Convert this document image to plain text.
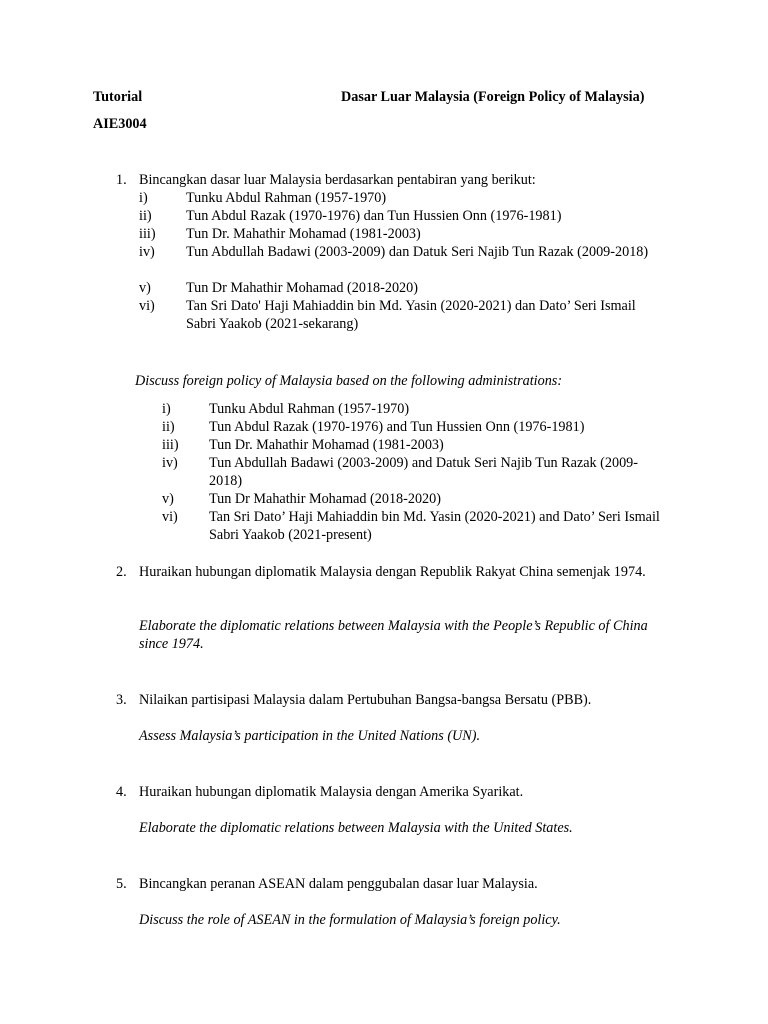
Tutorial	Dasar Luar Malaysia (Foreign Policy of Malaysia)
AIE3004
1. Bincangkan dasar luar Malaysia berdasarkan pentabiran yang berikut:
i)	Tunku Abdul Rahman (1957-1970)
ii) Tun Abdul Razak (1970-1976) dan Tun Hussien Onn (1976-1981)
iii) Tun Dr. Mahathir Mohamad (1981-2003)
iv) Tun Abdullah Badawi (2003-2009) dan Datuk Seri Najib Tun Razak (2009-2018)
v) Tun Dr Mahathir Mohamad (2018-2020)
vi) Tan Sri Dato' Haji Mahiaddin bin Md. Yasin (2020-2021) dan Dato’ Seri Ismail Sabri Yaakob (2021-sekarang)
Discuss foreign policy of Malaysia based on the following administrations:
i)	Tunku Abdul Rahman (1957-1970)
ii) Tun Abdul Razak (1970-1976) and Tun Hussien Onn (1976-1981)
iii) Tun Dr. Mahathir Mohamad (1981-2003)
iv) Tun Abdullah Badawi (2003-2009) and Datuk Seri Najib Tun Razak (2009-2018)
v) Tun Dr Mahathir Mohamad (2018-2020)
vi) Tan Sri Dato’ Haji Mahiaddin bin Md. Yasin (2020-2021) and Dato’ Seri Ismail Sabri Yaakob (2021-present)
2. Huraikan hubungan diplomatik Malaysia dengan Republik Rakyat China semenjak 1974.
Elaborate the diplomatic relations between Malaysia with the People’s Republic of China since 1974.
3. Nilaikan partisipasi Malaysia dalam Pertubuhan Bangsa-bangsa Bersatu (PBB).
Assess Malaysia’s participation in the United Nations (UN).
4. Huraikan hubungan diplomatik Malaysia dengan Amerika Syarikat.
Elaborate the diplomatic relations between Malaysia with the United States.
5. Bincangkan peranan ASEAN dalam penggubalan dasar luar Malaysia.
Discuss the role of ASEAN in the formulation of Malaysia’s foreign policy.
